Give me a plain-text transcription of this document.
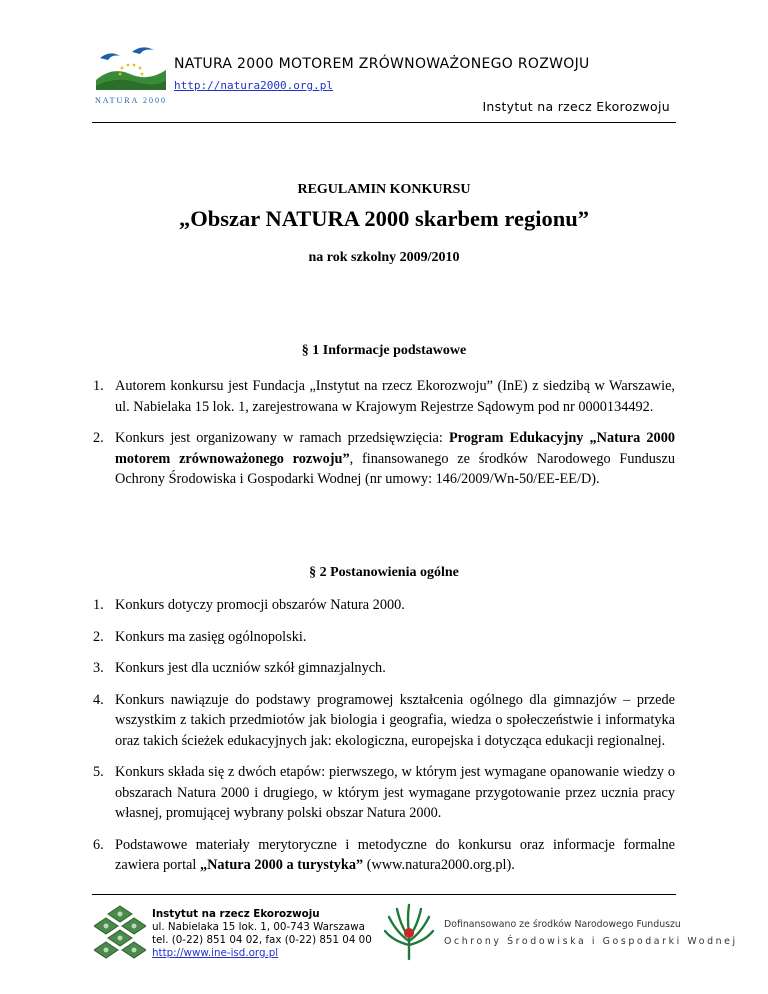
NATURA 2000
NATURA 2000 MOTOREM ZRÓWNOWAŻONEGO ROZWOJU
http://natura2000.org.pl
Instytut na rzecz Ekorozwoju
REGULAMIN KONKURSU
„Obszar NATURA 2000 skarbem regionu”
na rok szkolny 2009/2010
§ 1 Informacje podstawowe
1. Autorem konkursu jest Fundacja „Instytut na rzecz Ekorozwoju” (InE) z siedzibą w Warszawie, ul. Nabielaka 15 lok. 1, zarejestrowana w Krajowym Rejestrze Sądowym pod nr 0000134492.
2. Konkurs jest organizowany w ramach przedsięwzięcia: Program Edukacyjny „Natura 2000 motorem zrównoważonego rozwoju”, finansowanego ze środków Narodowego Funduszu Ochrony Środowiska i Gospodarki Wodnej (nr umowy: 146/2009/Wn-50/EE-EE/D).
§ 2 Postanowienia ogólne
1. Konkurs dotyczy promocji obszarów Natura 2000.
2. Konkurs ma zasięg ogólnopolski.
3. Konkurs jest dla uczniów szkół gimnazjalnych.
4. Konkurs nawiązuje do podstawy programowej kształcenia ogólnego dla gimnazjów – przede wszystkim z takich przedmiotów jak biologia i geografia, wiedza o społeczeństwie i informatyka oraz takich ścieżek edukacyjnych jak: ekologiczna, europejska i dotycząca edukacji regionalnej.
5. Konkurs składa się z dwóch etapów: pierwszego, w którym jest wymagane opanowanie wiedzy o obszarach Natura 2000 i drugiego, w którym jest wymagane przygotowanie przez ucznia pracy własnej, promującej wybrany polski obszar Natura 2000.
6. Podstawowe materiały merytoryczne i metodyczne do konkursu oraz informacje formalne zawiera portal „Natura 2000 a turystyka” (www.natura2000.org.pl).
Instytut na rzecz Ekorozwoju
ul. Nabielaka 15 lok. 1, 00-743 Warszawa
tel. (0-22) 851 04 02, fax (0-22) 851 04 00
http://www.ine-isd.org.pl
Dofinansowano ze środków Narodowego Funduszu
Ochrony Środowiska i Gospodarki Wodnej
